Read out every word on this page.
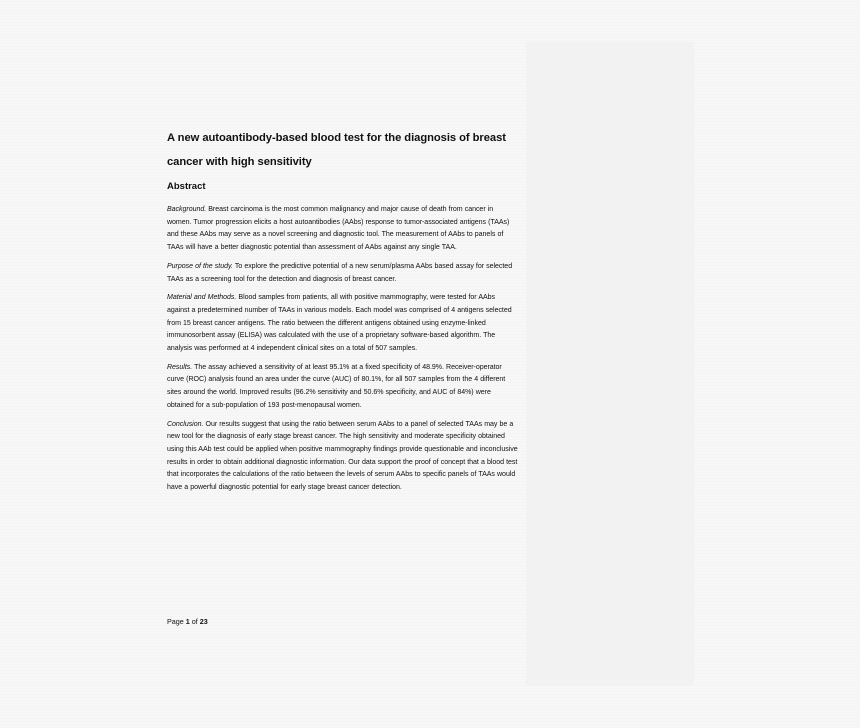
A new autoantibody-based blood test for the diagnosis of breast
cancer with high sensitivity
Abstract

Background. Breast carcinoma is the most common malignancy and major cause of death from cancer in women. Tumor progression elicits a host autoantibodies (AAbs) response to tumor-associated antigens (TAAs) and these AAbs may serve as a novel screening and diagnostic tool. The measurement of AAbs to panels of TAAs will have a better diagnostic potential than assessment of AAbs against any single TAA.

Purpose of the study. To explore the predictive potential of a new serum/plasma AAbs based assay for selected TAAs as a screening tool for the detection and diagnosis of breast cancer.

Material and Methods. Blood samples from patients, all with positive mammography, were tested for AAbs against a predetermined number of TAAs in various models. Each model was comprised of 4 antigens selected from 15 breast cancer antigens. The ratio between the different antigens obtained using enzyme-linked immunosorbent assay (ELISA) was calculated with the use of a proprietary software-based algorithm. The analysis was performed at 4 independent clinical sites on a total of 507 samples.

Results. The assay achieved a sensitivity of at least 95.1% at a fixed specificity of 48.9%. Receiver-operator curve (ROC) analysis found an area under the curve (AUC) of 80.1%, for all 507 samples from the 4 different sites around the world. Improved results (96.2% sensitivity and 50.6% specificity, and AUC of 84%) were obtained for a sub-population of 193 post-menopausal women.

Conclusion. Our results suggest that using the ratio between serum AAbs to a panel of selected TAAs may be a new tool for the diagnosis of early stage breast cancer. The high sensitivity and moderate specificity obtained using this AAb test could be applied when positive mammography findings provide questionable and inconclusive results in order to obtain additional diagnostic information. Our data support the proof of concept that a blood test that incorporates the calculations of the ratio between the levels of serum AAbs to specific panels of TAAs would have a powerful diagnostic potential for early stage breast cancer detection.

Page 1 of 23
